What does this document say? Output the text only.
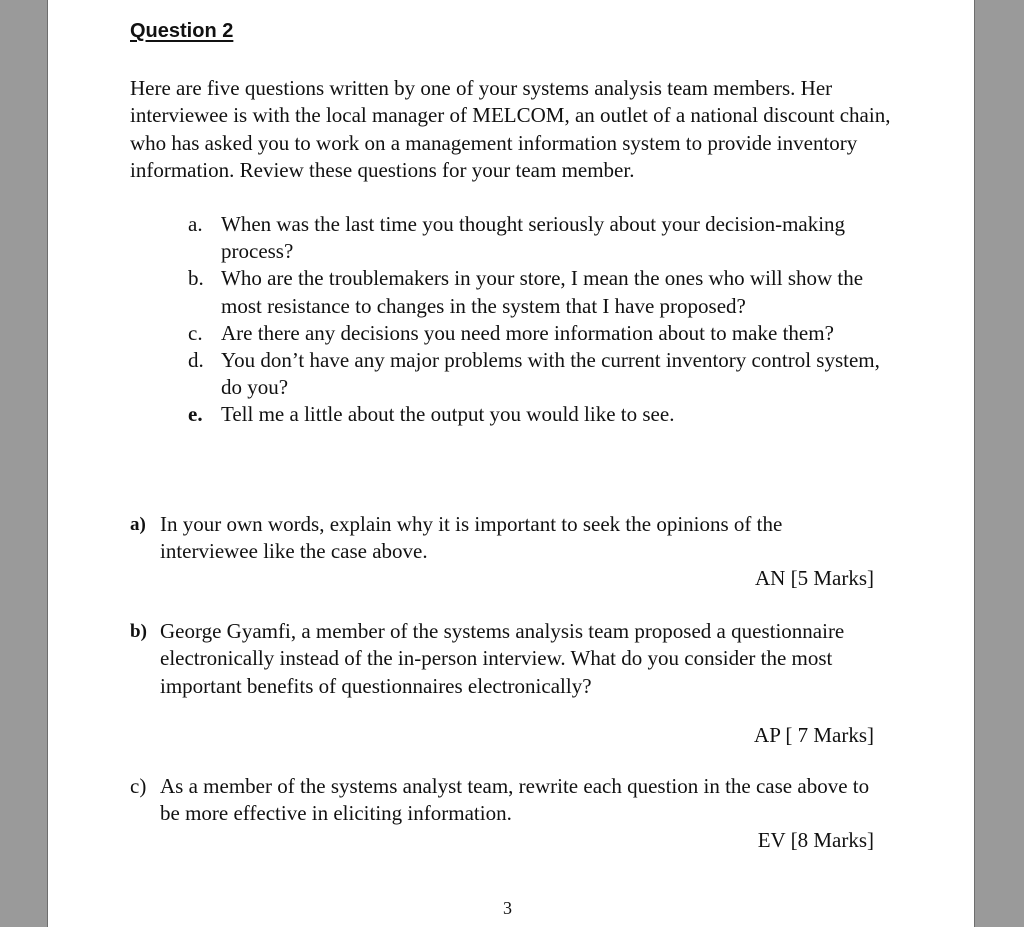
Question 2

Here are five questions written by one of your systems analysis team members. Her interviewee is with the local manager of MELCOM, an outlet of a national discount chain, who has asked you to work on a management information system to provide inventory information. Review these questions for your team member.

a. When was the last time you thought seriously about your decision-making process?
b. Who are the troublemakers in your store, I mean the ones who will show the most resistance to changes in the system that I have proposed?
c. Are there any decisions you need more information about to make them?
d. You don’t have any major problems with the current inventory control system, do you?
e. Tell me a little about the output you would like to see.
a) In your own words, explain why it is important to seek the opinions of the interviewee like the case above.
AN [5 Marks]
b) George Gyamfi, a member of the systems analysis team proposed a questionnaire electronically instead of the in-person interview. What do you consider the most important benefits of questionnaires electronically?
AP [ 7 Marks]
c) As a member of the systems analyst team, rewrite each question in the case above to be more effective in eliciting information.
EV [8 Marks]
3
